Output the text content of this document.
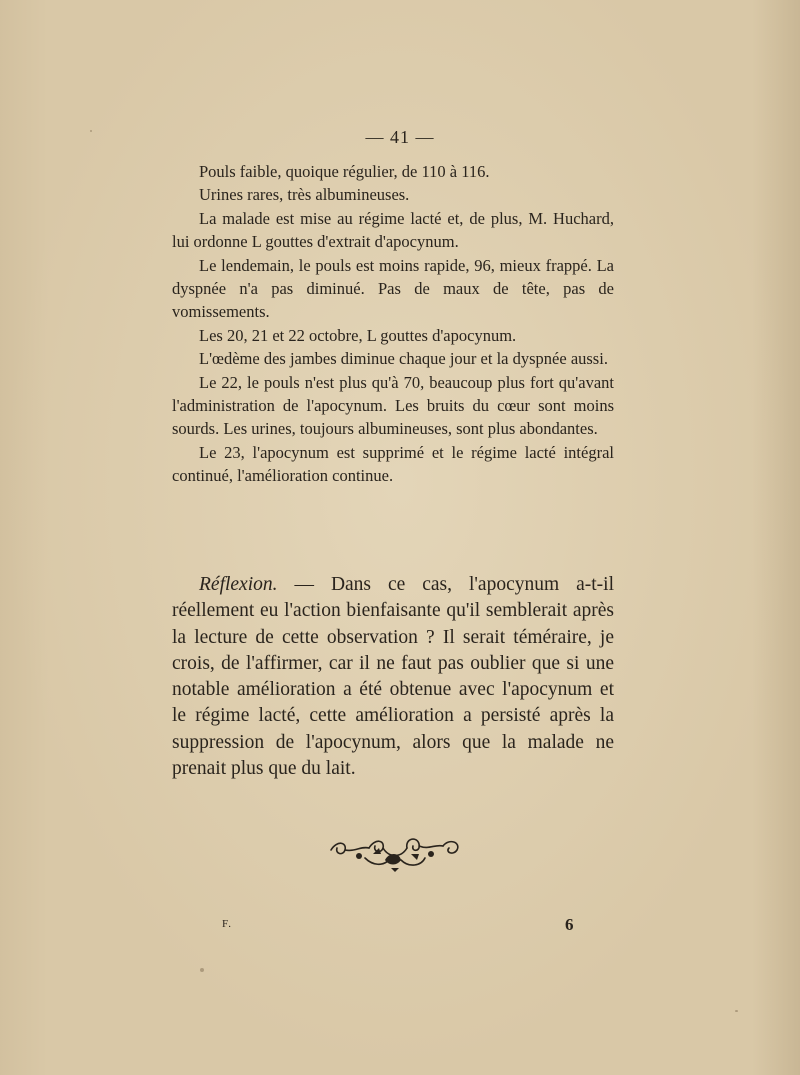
— 41 —

Pouls faible, quoique régulier, de 110 à 116.

Urines rares, très albumineuses.

La malade est mise au régime lacté et, de plus, M. Huchard, lui ordonne L gouttes d'extrait d'apocynum.

Le lendemain, le pouls est moins rapide, 96, mieux frappé. La dyspnée n'a pas diminué. Pas de maux de tête, pas de vomissements.

Les 20, 21 et 22 octobre, L gouttes d'apocynum.

L'œdème des jambes diminue chaque jour et la dyspnée aussi.

Le 22, le pouls n'est plus qu'à 70, beaucoup plus fort qu'avant l'administration de l'apocynum. Les bruits du cœur sont moins sourds. Les urines, toujours albumineuses, sont plus abondantes.

Le 23, l'apocynum est supprimé et le régime lacté intégral continué, l'amélioration continue.

Réflexion. — Dans ce cas, l'apocynum a-t-il réellement eu l'action bienfaisante qu'il semblerait après la lecture de cette observation ? Il serait téméraire, je crois, de l'affirmer, car il ne faut pas oublier que si une notable amélioration a été obtenue avec l'apocynum et le régime lacté, cette amélioration a persisté après la suppression de l'apocynum, alors que la malade ne prenait plus que du lait.

F.	6
